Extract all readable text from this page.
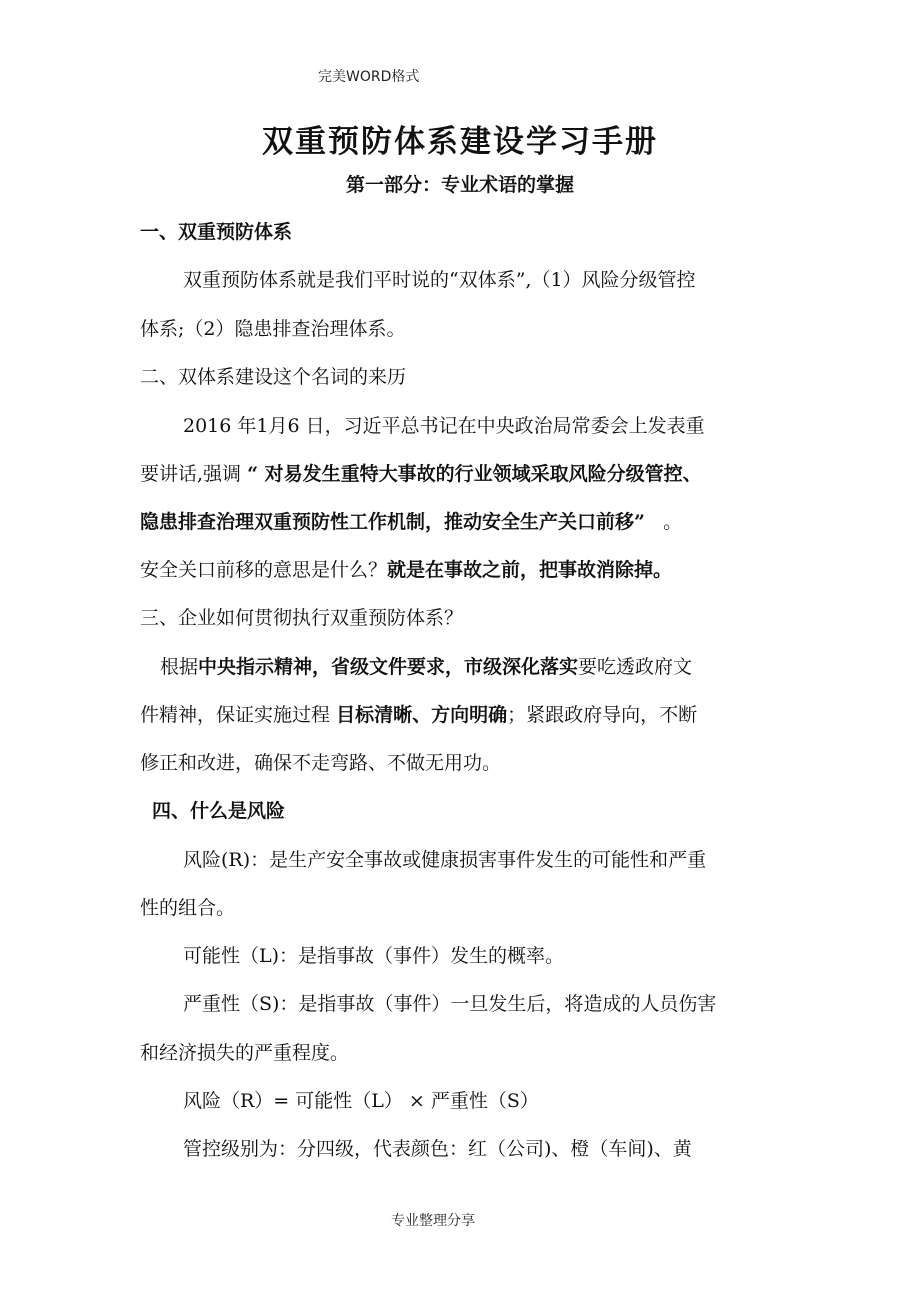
完美WORD格式
双重预防体系建设学习手册
第一部分：专业术语的掌握
一、双重预防体系
双重预防体系就是我们平时说的“双体系”,（1）风险分级管控
体系;（2）隐患排查治理体系。
二、双体系建设这个名词的来历
2016 年1月6 日，习近平总书记在中央政治局常委会上发表重
要讲话,强调 “ 对易发生重特大事故的行业领域采取风险分级管控、
隐患排查治理双重预防性工作机制，推动安全生产关口前移” 。
安全关口前移的意思是什么？就是在事故之前，把事故消除掉。
三、企业如何贯彻执行双重预防体系？
根据中央指示精神，省级文件要求，市级深化落实要吃透政府文
件精神，保证实施过程 目标清晰、方向明确；紧跟政府导向，不断
修正和改进，确保不走弯路、不做无用功。
四、什么是风险
风险(R)：是生产安全事故或健康损害事件发生的可能性和严重
性的组合。
可能性（L)：是指事故（事件）发生的概率。
严重性（S)：是指事故（事件）一旦发生后，将造成的人员伤害
和经济损失的严重程度。
风险（R）= 可能性（L） × 严重性（S）
管控级别为：分四级，代表颜色：红（公司)、橙（车间)、黄
专业整理分享
